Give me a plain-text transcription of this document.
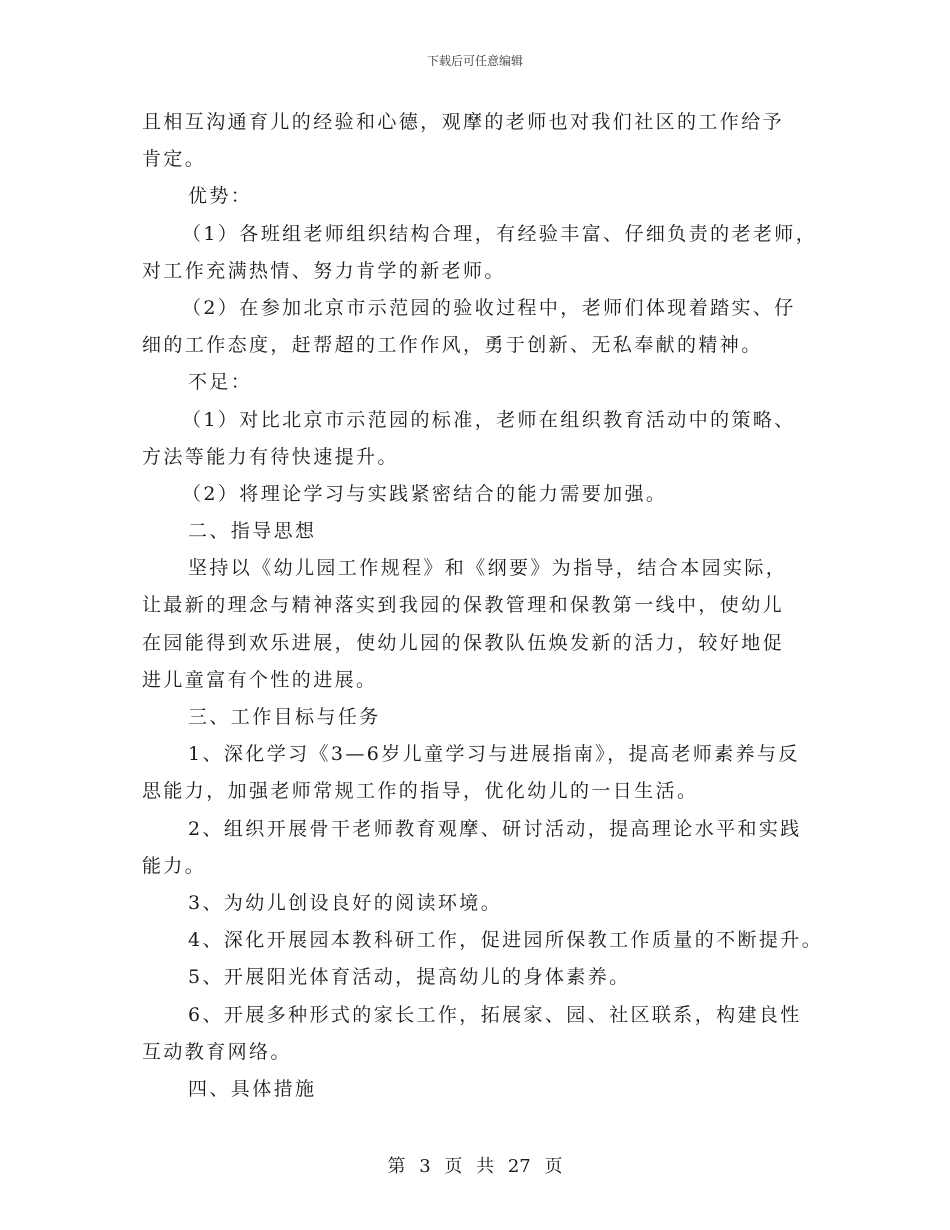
下载后可任意编辑
且相互沟通育儿的经验和心德，观摩的老师也对我们社区的工作给予
肯定。
优势：
（1）各班组老师组织结构合理，有经验丰富、仔细负责的老老师，
对工作充满热情、努力肯学的新老师。
（2）在参加北京市示范园的验收过程中，老师们体现着踏实、仔
细的工作态度，赶帮超的工作作风，勇于创新、无私奉献的精神。
不足：
（1）对比北京市示范园的标准，老师在组织教育活动中的策略、
方法等能力有待快速提升。
（2）将理论学习与实践紧密结合的能力需要加强。
二、指导思想
坚持以《幼儿园工作规程》和《纲要》为指导，结合本园实际，
让最新的理念与精神落实到我园的保教管理和保教第一线中，使幼儿
在园能得到欢乐进展，使幼儿园的保教队伍焕发新的活力，较好地促
进儿童富有个性的进展。
三、工作目标与任务
1、深化学习《3—6岁儿童学习与进展指南》，提高老师素养与反
思能力，加强老师常规工作的指导，优化幼儿的一日生活。
2、组织开展骨干老师教育观摩、研讨活动，提高理论水平和实践
能力。
3、为幼儿创设良好的阅读环境。
4、深化开展园本教科研工作，促进园所保教工作质量的不断提升。
5、开展阳光体育活动，提高幼儿的身体素养。
6、开展多种形式的家长工作，拓展家、园、社区联系，构建良性
互动教育网络。
四、具体措施
第 3 页 共 27 页
